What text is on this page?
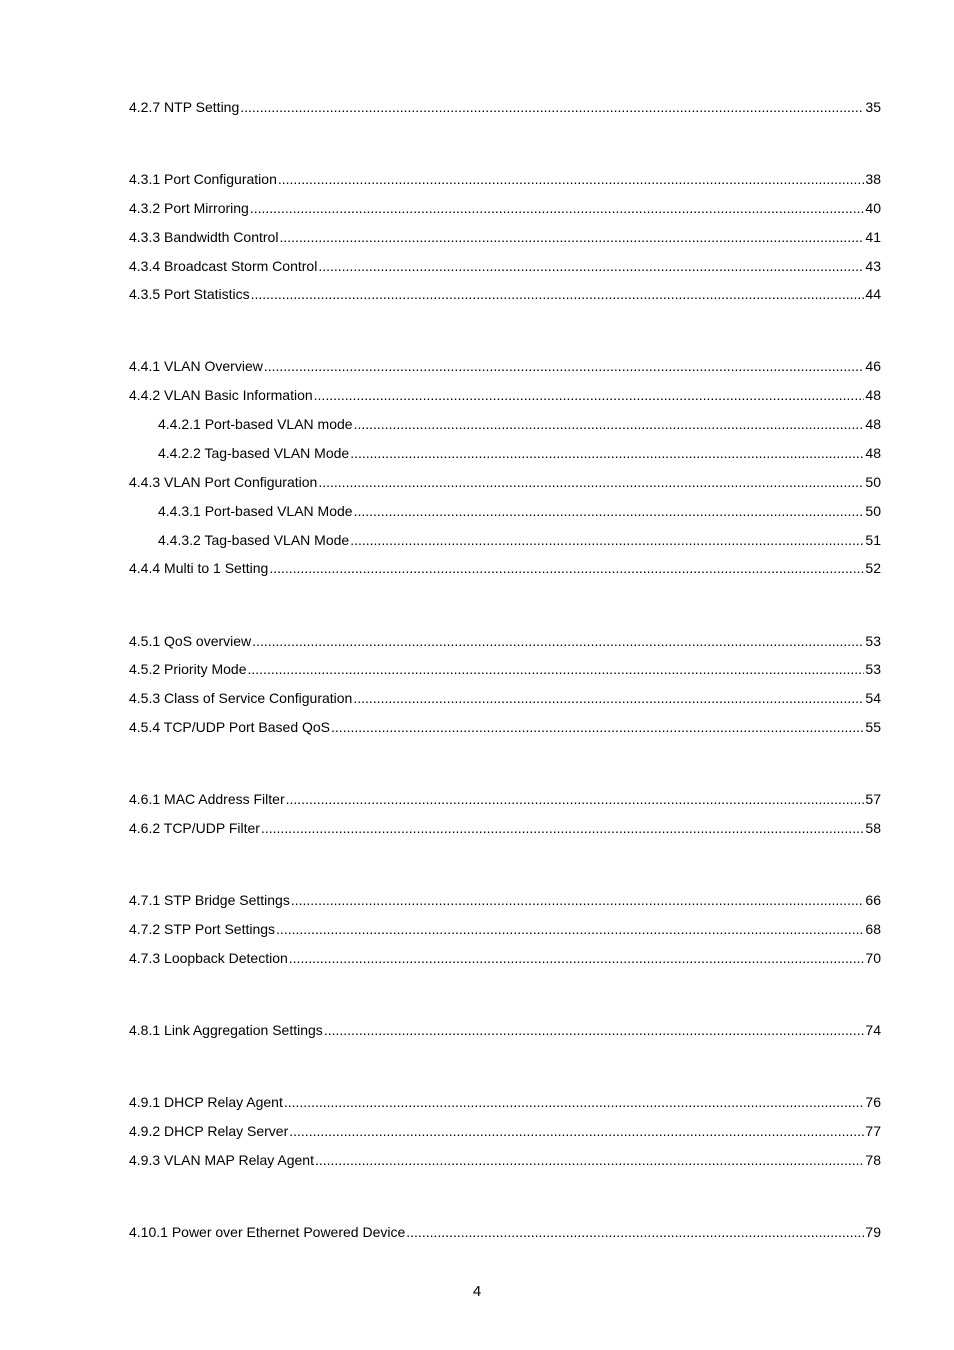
4.2.7 NTP Setting .....	35
4.3.1 Port Configuration .....	38
4.3.2 Port Mirroring .....	40
4.3.3 Bandwidth Control .....	41
4.3.4 Broadcast Storm Control .....	43
4.3.5 Port Statistics .....	44
4.4.1 VLAN Overview .....	46
4.4.2 VLAN Basic Information .....	48
4.4.2.1 Port-based VLAN mode .....	48
4.4.2.2 Tag-based VLAN Mode .....	48
4.4.3 VLAN Port Configuration .....	50
4.4.3.1 Port-based VLAN Mode .....	50
4.4.3.2 Tag-based VLAN Mode .....	51
4.4.4 Multi to 1 Setting .....	52
4.5.1 QoS overview .....	53
4.5.2 Priority Mode .....	53
4.5.3 Class of Service Configuration .....	54
4.5.4 TCP/UDP Port Based QoS .....	55
4.6.1 MAC Address Filter .....	57
4.6.2 TCP/UDP Filter .....	58
4.7.1 STP Bridge Settings .....	66
4.7.2 STP Port Settings .....	68
4.7.3 Loopback Detection .....	70
4.8.1 Link Aggregation Settings .....	74
4.9.1 DHCP Relay Agent .....	76
4.9.2 DHCP Relay Server .....	77
4.9.3 VLAN MAP Relay Agent .....	78
4.10.1 Power over Ethernet Powered Device .....	79
4
